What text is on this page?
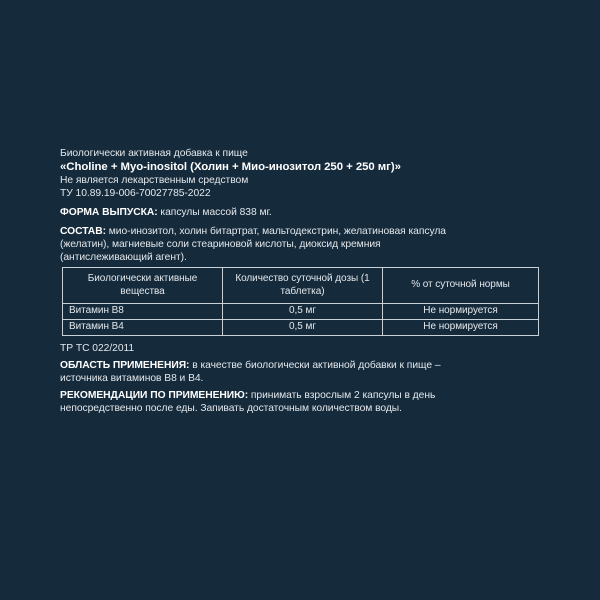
Биологически активная добавка к пище
«Choline + Myo-inositol (Холин + Мио-инозитол 250 + 250 мг)»
Не является лекарственным средством
ТУ 10.89.19-006-70027785-2022
ФОРМА ВЫПУСКА: капсулы массой 838 мг.
СОСТАВ: мио-инозитол, холин битартрат, мальтодекстрин, желатиновая капсула
(желатин), магниевые соли стеариновой кислоты, диоксид кремния
(антислеживающий агент).
Биологически активные вещества	Количество суточной дозы (1 таблетка)	% от суточной нормы
Витамин B8	0,5 мг	Не нормируется
Витамин B4	0,5 мг	Не нормируется
ТР ТС 022/2011
ОБЛАСТЬ ПРИМЕНЕНИЯ: в качестве биологически активной добавки к пище –
источника витаминов B8 и B4.
РЕКОМЕНДАЦИИ ПО ПРИМЕНЕНИЮ: принимать взрослым 2 капсулы в день
непосредственно после еды. Запивать достаточным количеством воды.
